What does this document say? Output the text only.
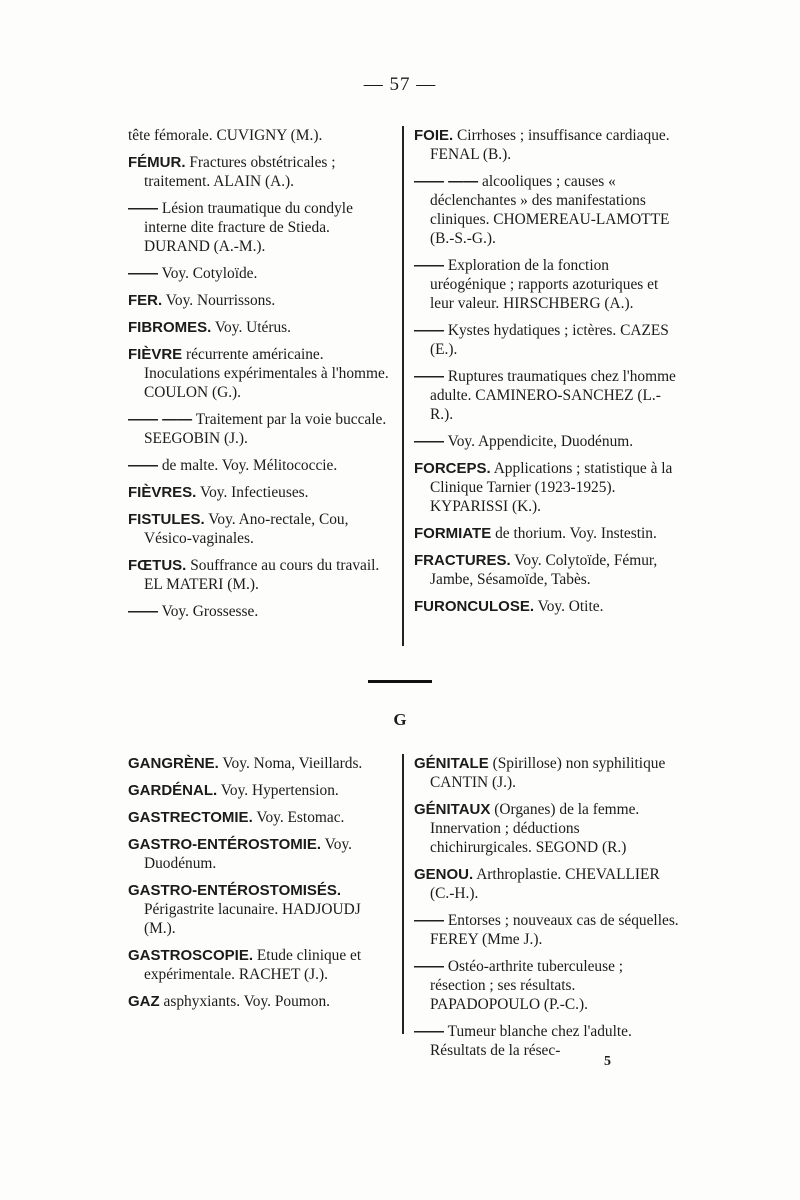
— 57 —

tête fémorale. CUVIGNY (M.).

FÉMUR. Fractures obstétricales ; traitement. ALAIN (A.).

—— Lésion traumatique du condyle interne dite fracture de Stieda. DURAND (A.-M.).

—— Voy. Cotyloïde.

FER. Voy. Nourrissons.

FIBROMES. Voy. Utérus.

FIÈVRE récurrente américaine. Inoculations expérimentales à l'homme. COULON (G.).

—— —— Traitement par la voie buccale. SEEGOBIN (J.).

—— de malte. Voy. Mélitococcie.

FIÈVRES. Voy. Infectieuses.

FISTULES. Voy. Ano-rectale, Cou, Vésico-vaginales.

FŒTUS. Souffrance au cours du travail. EL MATERI (M.).

—— Voy. Grossesse.

FOIE. Cirrhoses ; insuffisance cardiaque. FENAL (B.).

—— —— alcooliques ; causes « déclenchantes » des manifestations cliniques. CHOMEREAU-LAMOTTE (B.-S.-G.).

—— Exploration de la fonction uréogénique ; rapports azoturiques et leur valeur. HIRSCHBERG (A.).

—— Kystes hydatiques ; ictères. CAZES (E.).

—— Ruptures traumatiques chez l'homme adulte. CAMINERO-SANCHEZ (L.-R.).

—— Voy. Appendicite, Duodénum.

FORCEPS. Applications ; statistique à la Clinique Tarnier (1923-1925). KYPARISSI (K.).

FORMIATE de thorium. Voy. Instestin.

FRACTURES. Voy. Colytoïde, Fémur, Jambe, Sésamoïde, Tabès.

FURONCULOSE. Voy. Otite.

G

GANGRÈNE. Voy. Noma, Vieillards.

GARDÉNAL. Voy. Hypertension.

GASTRECTOMIE. Voy. Estomac.

GASTRO-ENTÉROSTOMIE. Voy. Duodénum.

GASTRO-ENTÉROSTOMISÉS. Périgastrite lacunaire. HADJOUDJ (M.).

GASTROSCOPIE. Etude clinique et expérimentale. RACHET (J.).

GAZ asphyxiants. Voy. Poumon.

GÉNITALE (Spirillose) non syphilitique CANTIN (J.).

GÉNITAUX (Organes) de la femme. Innervation ; déductions chichirurgicales. SEGOND (R.)

GENOU. Arthroplastie. CHEVALLIER (C.-H.).

—— Entorses ; nouveaux cas de séquelles. FEREY (Mme J.).

—— Ostéo-arthrite tuberculeuse ; résection ; ses résultats. PAPADOPOULO (P.-C.).

—— Tumeur blanche chez l'adulte. Résultats de la résec-

5
